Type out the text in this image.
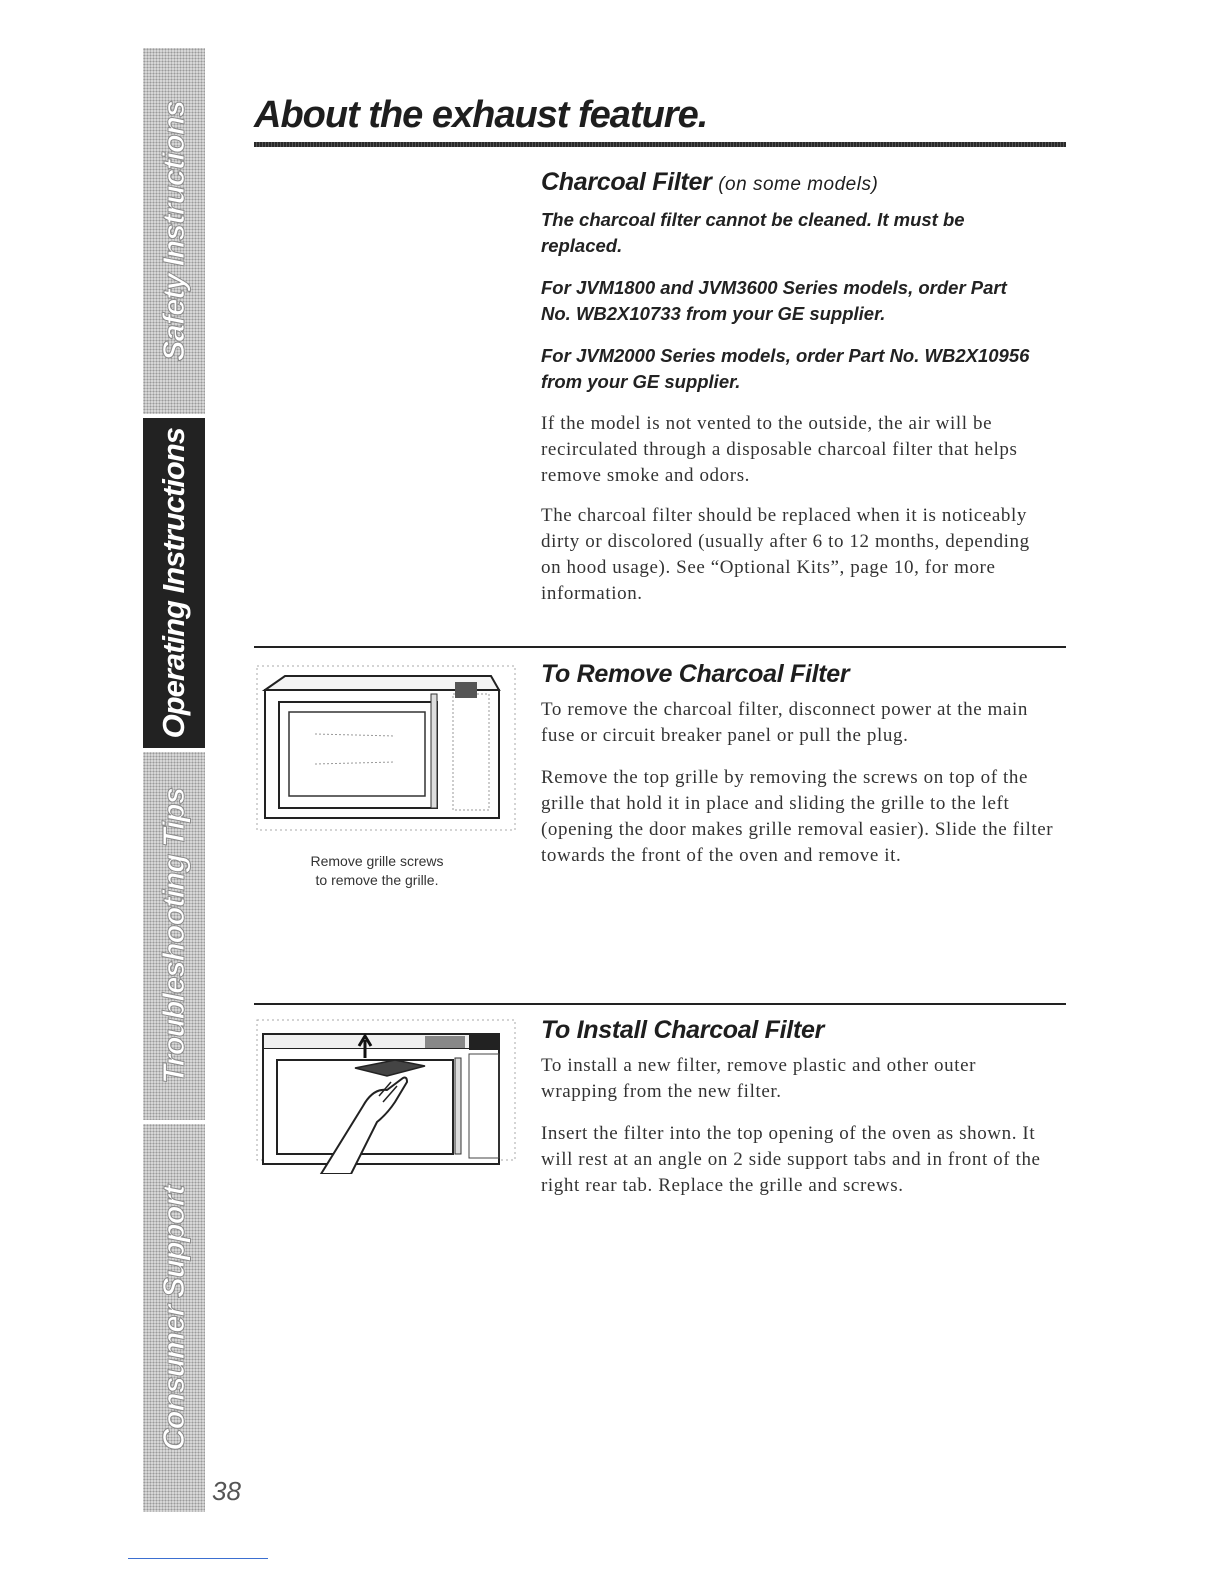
Safety Instructions
Operating Instructions
Troubleshooting Tips
Consumer Support
38
About the exhaust feature.
Charcoal Filter (on some models)

The charcoal filter cannot be cleaned. It must be replaced.

For JVM1800 and JVM3600 Series models, order Part No. WB2X10733 from your GE supplier.

For JVM2000 Series models, order Part No. WB2X10956 from your GE supplier.

If the model is not vented to the outside, the air will be recirculated through a disposable charcoal filter that helps remove smoke and odors.

The charcoal filter should be replaced when it is noticeably dirty or discolored (usually after 6 to 12 months, depending on hood usage). See “Optional Kits”, page 10, for more information.

Remove grille screws
to remove the grille.
To Remove Charcoal Filter

To remove the charcoal filter, disconnect power at the main fuse or circuit breaker panel or pull the plug.

Remove the top grille by removing the screws on top of the grille that hold it in place and sliding the grille to the left (opening the door makes grille removal easier). Slide the filter towards the front of the oven and remove it.

To Install Charcoal Filter

To install a new filter, remove plastic and other outer wrapping from the new filter.

Insert the filter into the top opening of the oven as shown. It will rest at an angle on 2 side support tabs and in front of the right rear tab. Replace the grille and screws.
